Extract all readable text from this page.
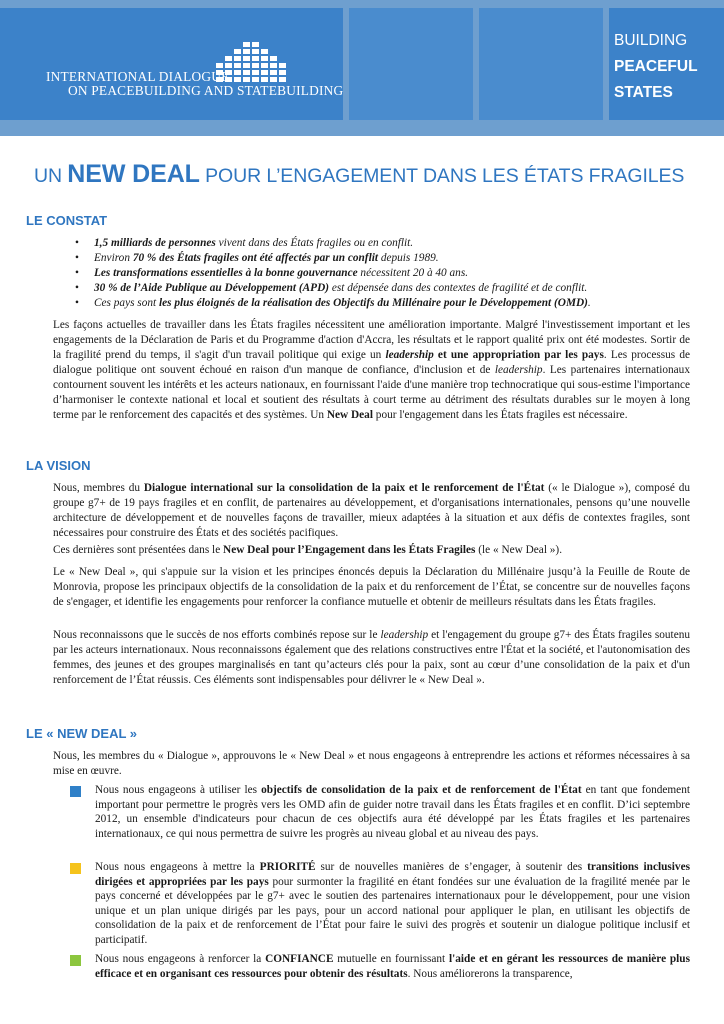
INTERNATIONAL DIALOGUE
ON PEACEBUILDING AND STATEBUILDING
BUILDING
PEACEFUL
STATES
UN NEW DEAL POUR L’ENGAGEMENT DANS LES ÉTATS FRAGILES
LE CONSTAT
• 1,5 milliards de personnes vivent dans des États fragiles ou en conflit.
• Environ 70 % des États fragiles ont été affectés par un conflit depuis 1989.
• Les transformations essentielles à la bonne gouvernance nécessitent 20 à 40 ans.
• 30 % de l’Aide Publique au Développement (APD) est dépensée dans des contextes de fragilité et de conflit.
• Ces pays sont les plus éloignés de la réalisation des Objectifs du Millénaire pour le Développement (OMD).

Les façons actuelles de travailler dans les États fragiles nécessitent une amélioration importante. Malgré l'investissement important et les engagements de la Déclaration de Paris et du Programme d'action d'Accra, les résultats et le rapport qualité prix ont été modestes. Sortir de la fragilité prend du temps, il s'agit d'un travail politique qui exige un leadership et une appropriation par les pays. Les processus de dialogue politique ont souvent échoué en raison d'un manque de confiance, d'inclusion et de leadership. Les partenaires internationaux contournent souvent les intérêts et les acteurs nationaux, en fournissant l'aide d'une manière trop technocratique qui sous-estime l'importance d’harmoniser le contexte national et local et soutient des résultats à court terme au détriment des résultats durables sur le moyen à long terme par le renforcement des capacités et des systèmes. Un New Deal pour l'engagement dans les États fragiles est nécessaire.

LA VISION

Nous, membres du Dialogue international sur la consolidation de la paix et le renforcement de l'État (« le Dialogue »), composé du groupe g7+ de 19 pays fragiles et en conflit, de partenaires au développement, et d'organisations internationales, pensons qu’une nouvelle architecture de développement et de nouvelles façons de travailler, mieux adaptées à la situation et aux défis de contextes fragiles, sont nécessaires pour construire des États et des sociétés pacifiques.

Ces dernières sont présentées dans le New Deal pour l’Engagement dans les États Fragiles (le « New Deal »).

Le « New Deal », qui s'appuie sur la vision et les principes énoncés depuis la Déclaration du Millénaire jusqu’à la Feuille de Route de Monrovia, propose les principaux objectifs de la consolidation de la paix et du renforcement de l’État, se concentre sur de nouvelles façons de s'engager, et identifie les engagements pour renforcer la confiance mutuelle et obtenir de meilleurs résultats dans les États fragiles.

Nous reconnaissons que le succès de nos efforts combinés repose sur le leadership et l'engagement du groupe g7+ des États fragiles soutenu par les acteurs internationaux. Nous reconnaissons également que des relations constructives entre l'État et la société, et l'autonomisation des femmes, des jeunes et des groupes marginalisés en tant qu’acteurs clés pour la paix, sont au cœur d’une consolidation de la paix et d'un renforcement de l’État réussis. Ces éléments sont indispensables pour délivrer le « New Deal ».

LE « NEW DEAL »

Nous, les membres du « Dialogue », approuvons le « New Deal » et nous engageons à entreprendre les actions et réformes nécessaires à sa mise en œuvre.

Nous nous engageons à utiliser les objectifs de consolidation de la paix et de renforcement de l'État en tant que fondement important pour permettre le progrès vers les OMD afin de guider notre travail dans les États fragiles et en conflit. D’ici septembre 2012, un ensemble d'indicateurs pour chacun de ces objectifs aura été développé par les États fragiles et les partenaires internationaux, ce qui nous permettra de suivre les progrès au niveau global et au niveau des pays.
Nous nous engageons à mettre la PRIORITÉ sur de nouvelles manières de s’engager, à soutenir des transitions inclusives dirigées et appropriées par les pays pour surmonter la fragilité en étant fondées sur une évaluation de la fragilité menée par le pays concerné et développées par le g7+ avec le soutien des partenaires internationaux pour le développement, pour une vision unique et un plan unique dirigés par les pays, pour un accord national pour appliquer le plan, en utilisant les objectifs de consolidation de la paix et de renforcement de l’État pour faire le suivi des progrès et soutenir un dialogue politique inclusif et participatif.
Nous nous engageons à renforcer la CONFIANCE mutuelle en fournissant l'aide et en gérant les ressources de manière plus efficace et en organisant ces ressources pour obtenir des résultats. Nous améliorerons la transparence,
